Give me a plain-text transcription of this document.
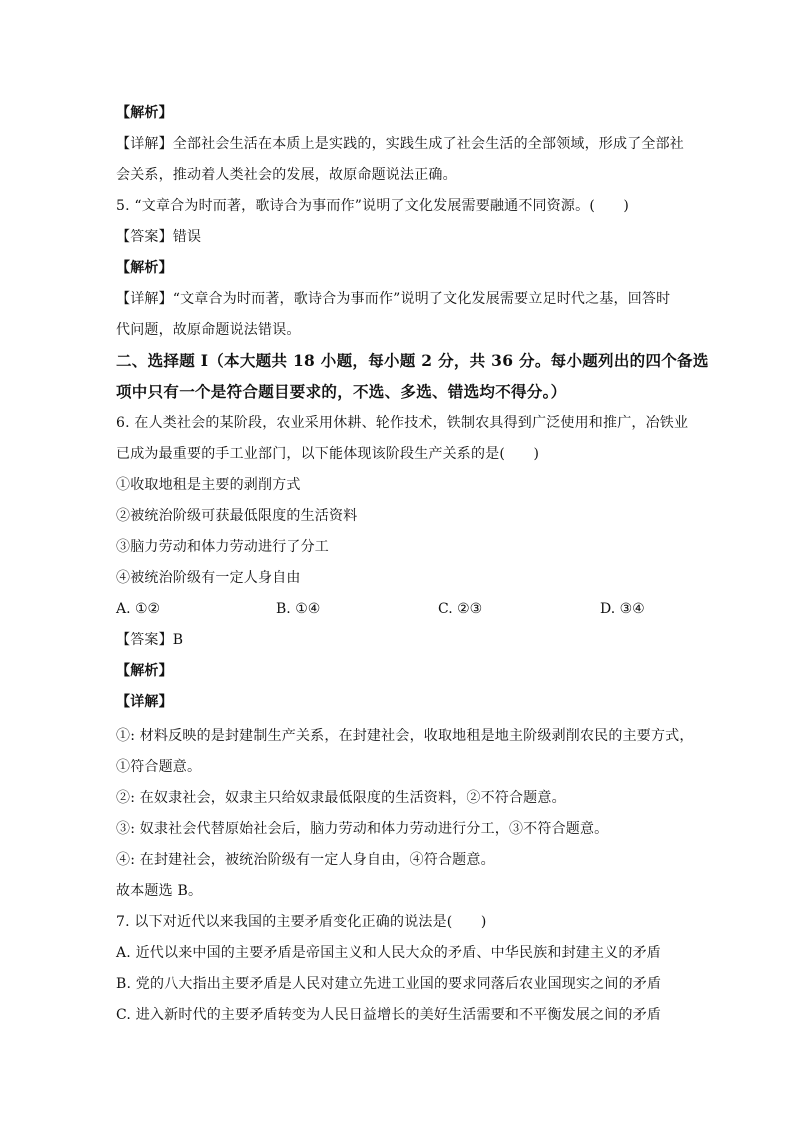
【解析】
【详解】全部社会生活在本质上是实践的，实践生成了社会生活的全部领域，形成了全部社
会关系，推动着人类社会的发展，故原命题说法正确。
5. “文章合为时而著，歌诗合为事而作”说明了文化发展需要融通不同资源。(　　)
【答案】错误
【解析】
【详解】“文章合为时而著，歌诗合为事而作”说明了文化发展需要立足时代之基，回答时
代问题，故原命题说法错误。
二、选择题 I（本大题共 18 小题，每小题 2 分，共 36 分。每小题列出的四个备选
项中只有一个是符合题目要求的，不选、多选、错选均不得分。）
6. 在人类社会的某阶段，农业采用休耕、轮作技术，铁制农具得到广泛使用和推广，冶铁业
已成为最重要的手工业部门，以下能体现该阶段生产关系的是(　　)
①收取地租是主要的剥削方式
②被统治阶级可获最低限度的生活资料
③脑力劳动和体力劳动进行了分工
④被统治阶级有一定人身自由
A. ①②	B. ①④	C. ②③	D. ③④
【答案】B
【解析】
【详解】
①: 材料反映的是封建制生产关系，在封建社会，收取地租是地主阶级剥削农民的主要方式，
①符合题意。
②: 在奴隶社会，奴隶主只给奴隶最低限度的生活资料，②不符合题意。
③: 奴隶社会代替原始社会后，脑力劳动和体力劳动进行分工，③不符合题意。
④: 在封建社会，被统治阶级有一定人身自由，④符合题意。
故本题选 B。
7. 以下对近代以来我国的主要矛盾变化正确的说法是(　　)
A. 近代以来中国的主要矛盾是帝国主义和人民大众的矛盾、中华民族和封建主义的矛盾
B. 党的八大指出主要矛盾是人民对建立先进工业国的要求同落后农业国现实之间的矛盾
C. 进入新时代的主要矛盾转变为人民日益增长的美好生活需要和不平衡发展之间的矛盾
